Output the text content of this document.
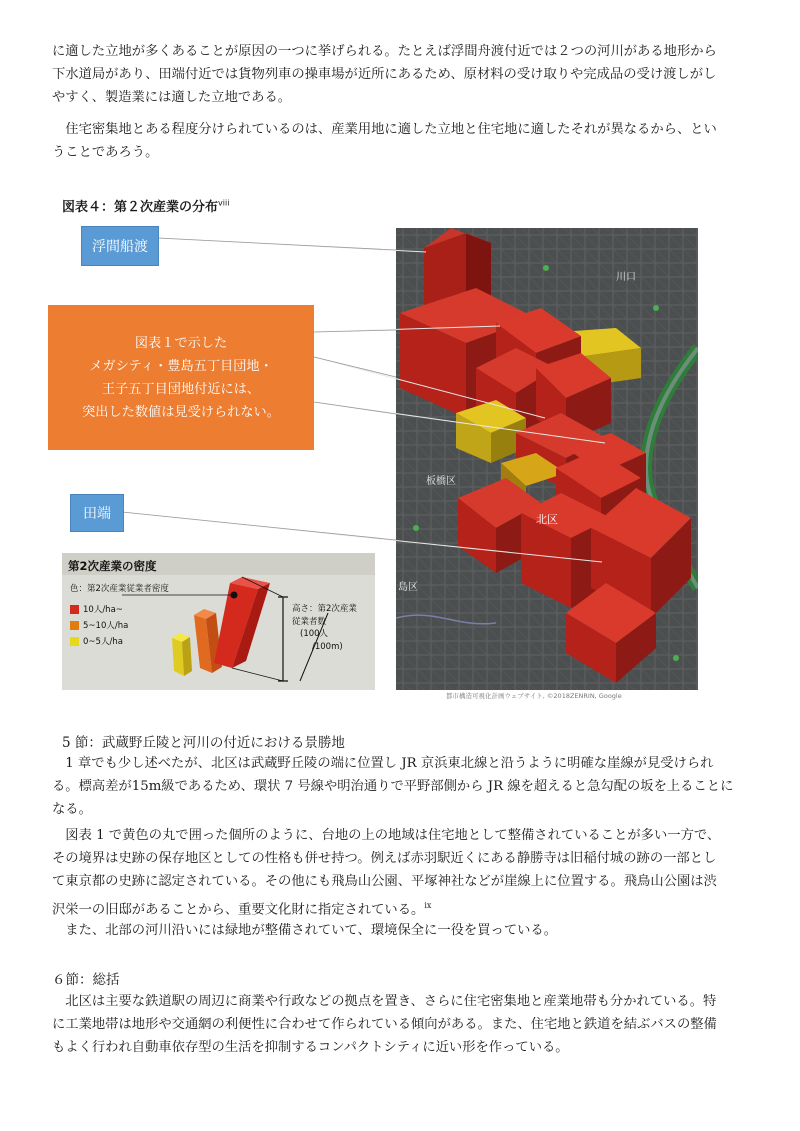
に適した立地が多くあることが原因の一つに挙げられる。たとえば浮間舟渡付近では２つの河川がある地形から
下水道局があり、田端付近では貨物列車の操車場が近所にあるため、原材料の受け取りや完成品の受け渡しがし
やすく、製造業には適した立地である。
　住宅密集地とある程度分けられているのは、産業用地に適した立地と住宅地に適したそれが異なるから、とい
うことであろう。
図表４：第２次産業の分布$^{viii}$
川口
板橋区
北区
島区
都市構造可視化計画ウェブサイト, ©2018ZENRIN, Google
浮間船渡
田端
図表１で示した
メガシティ・豊島五丁目団地・
王子五丁目団地付近には、
突出した数値は見受けられない。
第2次産業の密度
色：第2次産業従業者密度
10人/ha~
5~10人/ha
0~5人/ha
高さ：第2次産業
従業者数
(100人
/100m)
5 節：武蔵野丘陵と河川の付近における景勝地
　1 章でも少し述べたが、北区は武蔵野丘陵の端に位置し JR 京浜東北線と沿うように明確な崖線が見受けられ
る。標高差が15m級であるため、環状 7 号線や明治通りで平野部側から JR 線を超えると急勾配の坂を上ることに
なる。
　図表 1 で黄色の丸で囲った個所のように、台地の上の地域は住宅地として整備されていることが多い一方で、
その境界は史跡の保存地区としての性格も併せ持つ。例えば赤羽駅近くにある静勝寺は旧稲付城の跡の一部とし
て東京都の史跡に認定されている。その他にも飛鳥山公園、平塚神社などが崖線上に位置する。飛鳥山公園は渋
沢栄一の旧邸があることから、重要文化財に指定されている。$^{ix}$
　また、北部の河川沿いには緑地が整備されていて、環境保全に一役を買っている。
６節：総括
　北区は主要な鉄道駅の周辺に商業や行政などの拠点を置き、さらに住宅密集地と産業地帯も分かれている。特
に工業地帯は地形や交通網の利便性に合わせて作られている傾向がある。また、住宅地と鉄道を結ぶバスの整備
もよく行われ自動車依存型の生活を抑制するコンパクトシティに近い形を作っている。
